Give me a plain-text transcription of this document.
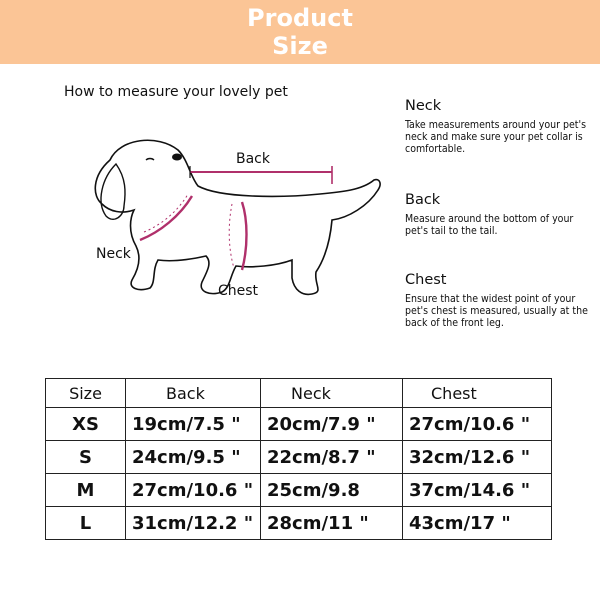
Product
Size
How to measure your lovely pet
Back
Neck
Chest
Neck
Take measurements around your pet's neck and make sure your pet collar is comfortable.
Back
Measure around the bottom of your pet's tail to the tail.
Chest
Ensure that the widest point of your pet's chest is measured, usually at the back of the front leg.
Size	Back	Neck	Chest
XS	19cm/7.5 "	20cm/7.9 "	27cm/10.6 "
S	24cm/9.5 "	22cm/8.7 "	32cm/12.6 "
M	27cm/10.6 "	25cm/9.8	37cm/14.6 "
L	31cm/12.2 "	28cm/11 "	43cm/17 "
